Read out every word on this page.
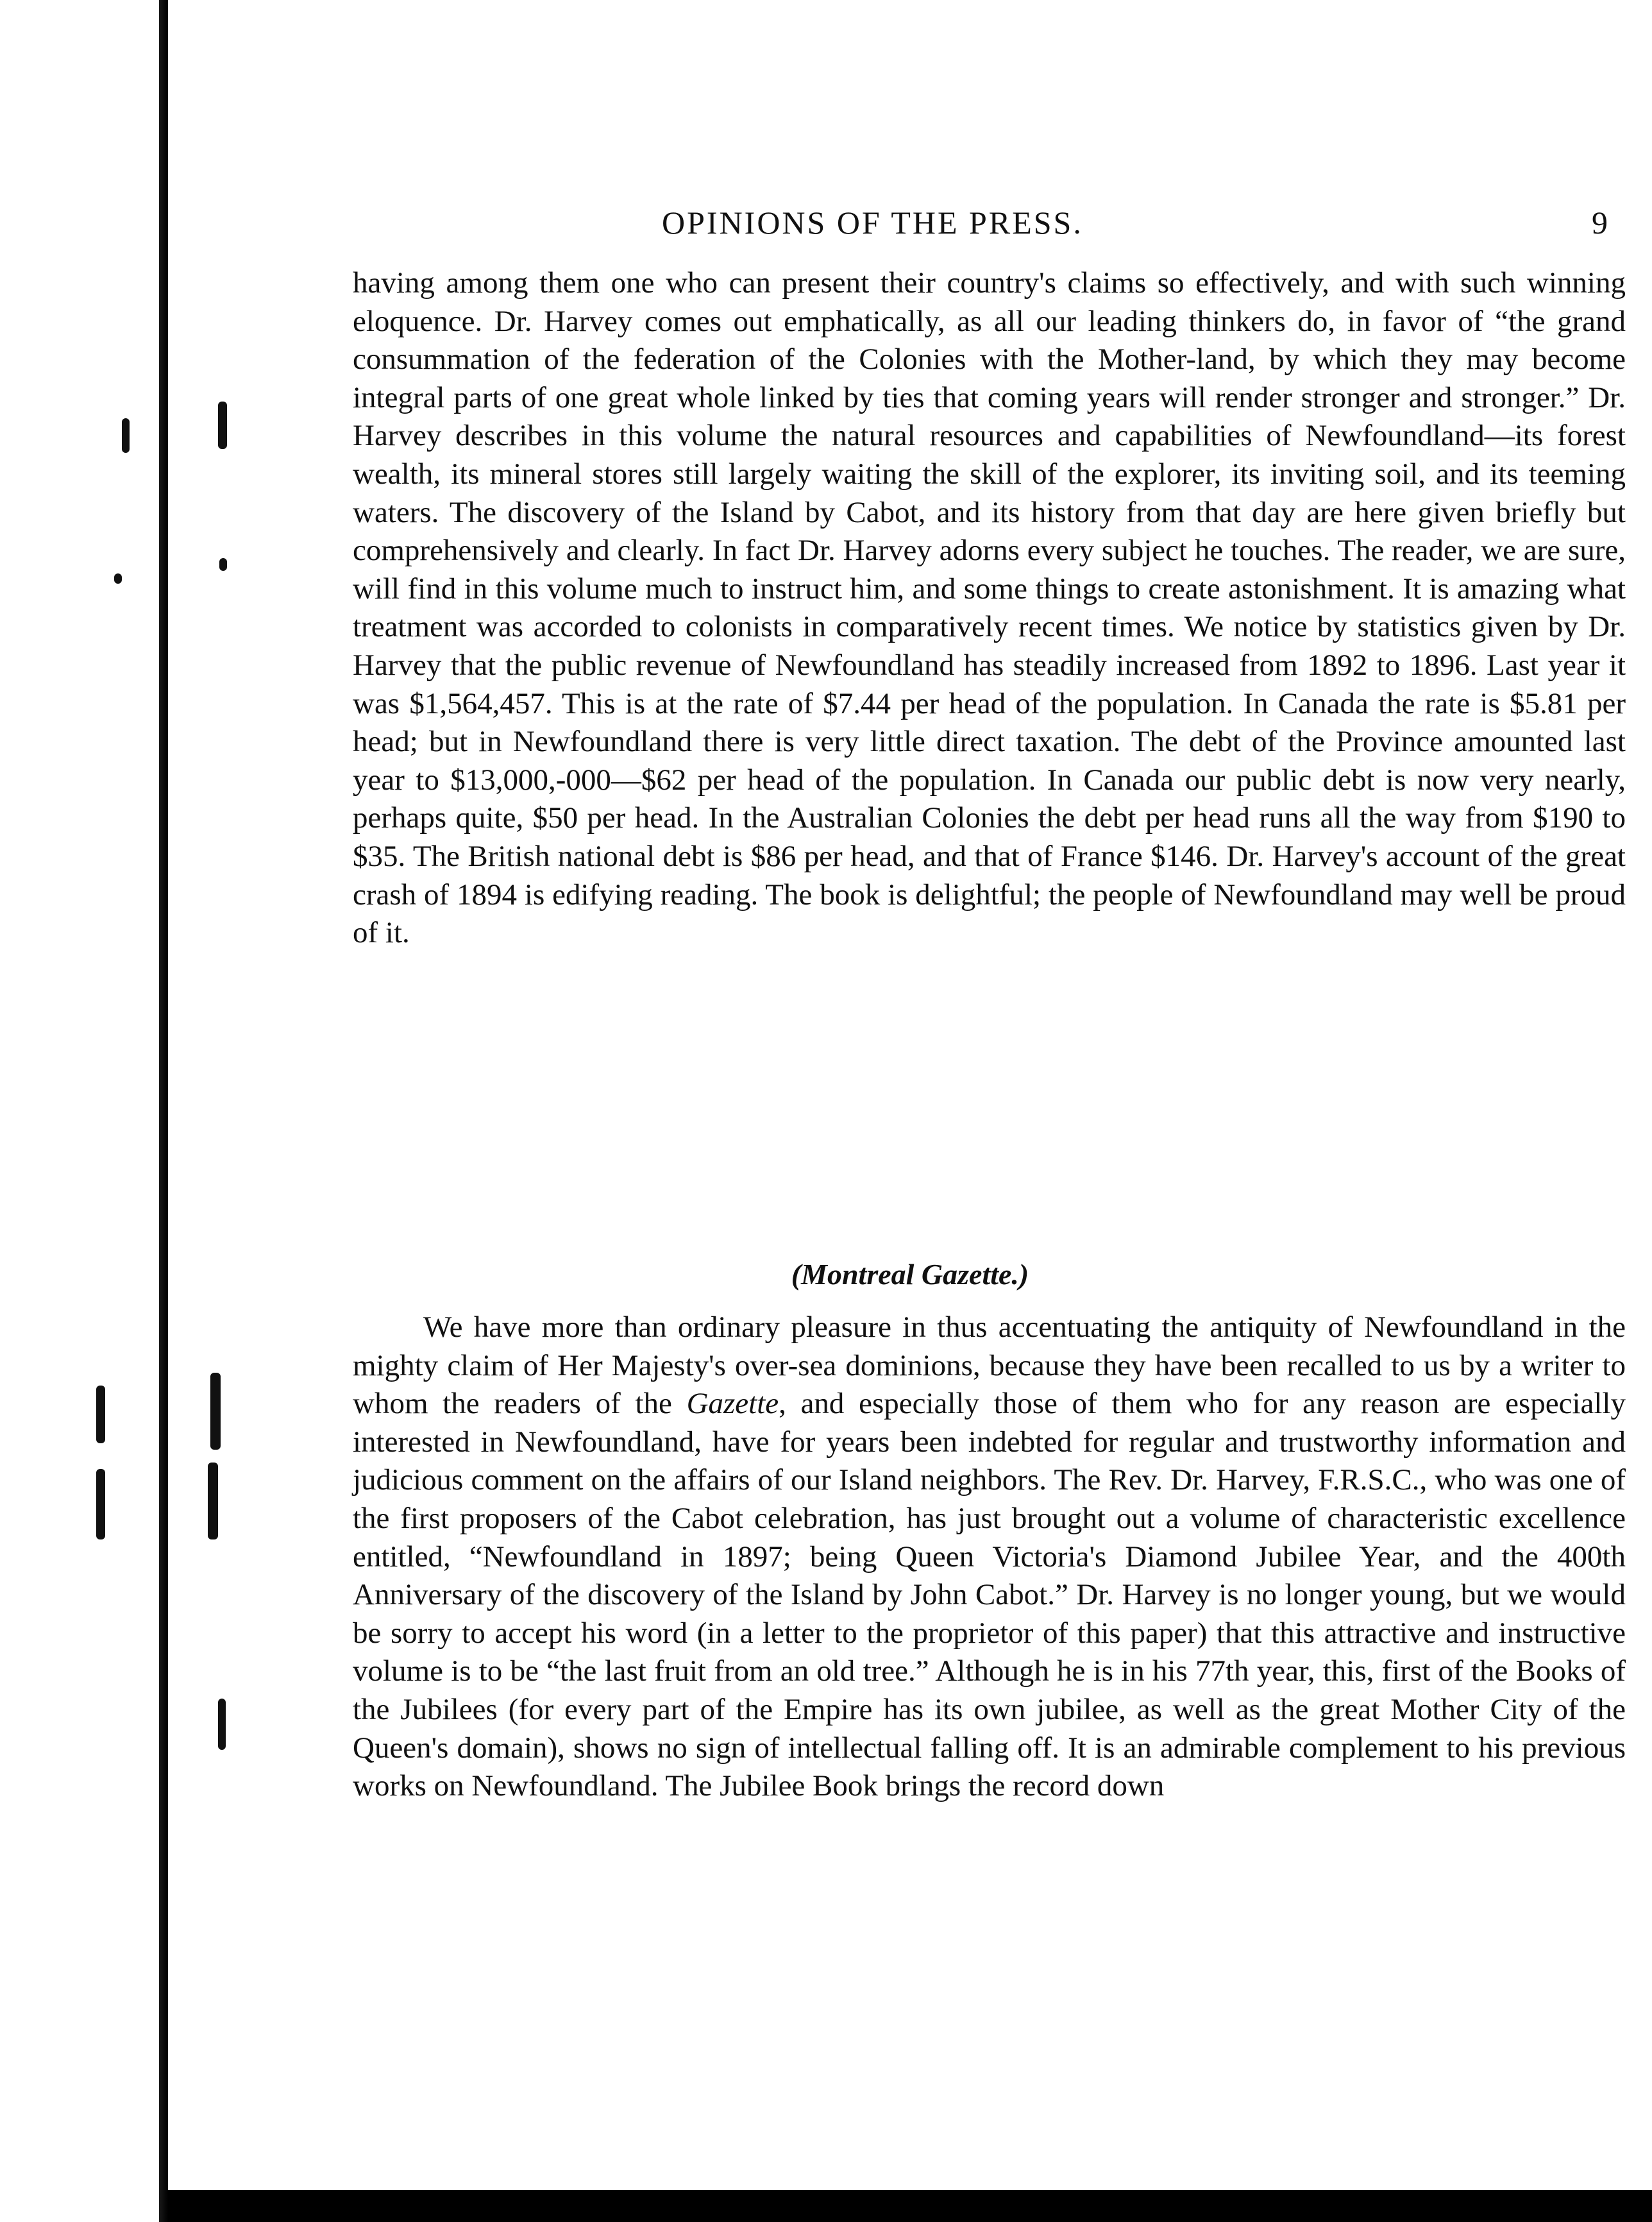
OPINIONS OF THE PRESS.	9

having among them one who can present their country's claims so effectively, and with such winning eloquence. Dr. Harvey comes out emphatically, as all our leading thinkers do, in favor of “the grand consummation of the federation of the Colonies with the Mother-land, by which they may become integral parts of one great whole linked by ties that coming years will render stronger and stronger.” Dr. Harvey describes in this volume the natural resources and capabilities of Newfoundland—its forest wealth, its mineral stores still largely waiting the skill of the explorer, its inviting soil, and its teeming waters. The discovery of the Island by Cabot, and its history from that day are here given briefly but comprehensively and clearly. In fact Dr. Harvey adorns every subject he touches. The reader, we are sure, will find in this volume much to instruct him, and some things to create astonishment. It is amazing what treatment was accorded to colonists in comparatively recent times. We notice by statistics given by Dr. Harvey that the public revenue of Newfoundland has steadily increased from 1892 to 1896. Last year it was $1,564,457. This is at the rate of $7.44 per head of the population. In Canada the rate is $5.81 per head; but in Newfoundland there is very little direct taxation. The debt of the Province amounted last year to $13,000,-000—$62 per head of the population. In Canada our public debt is now very nearly, perhaps quite, $50 per head. In the Australian Colonies the debt per head runs all the way from $190 to $35. The British national debt is $86 per head, and that of France $146. Dr. Harvey's account of the great crash of 1894 is edifying reading. The book is delightful; the people of Newfoundland may well be proud of it.

(Montreal Gazette.)

We have more than ordinary pleasure in thus accentuating the antiquity of Newfoundland in the mighty claim of Her Majesty's over-sea dominions, because they have been recalled to us by a writer to whom the readers of the Gazette, and especially those of them who for any reason are especially interested in Newfoundland, have for years been indebted for regular and trustworthy information and judicious comment on the affairs of our Island neighbors. The Rev. Dr. Harvey, F.R.S.C., who was one of the first proposers of the Cabot celebration, has just brought out a volume of characteristic excellence entitled, “Newfoundland in 1897; being Queen Victoria's Diamond Jubilee Year, and the 400th Anniversary of the discovery of the Island by John Cabot.” Dr. Harvey is no longer young, but we would be sorry to accept his word (in a letter to the proprietor of this paper) that this attractive and instructive volume is to be “the last fruit from an old tree.” Although he is in his 77th year, this, first of the Books of the Jubilees (for every part of the Empire has its own jubilee, as well as the great Mother City of the Queen's domain), shows no sign of intellectual falling off. It is an admirable complement to his previous works on Newfoundland. The Jubilee Book brings the record down
